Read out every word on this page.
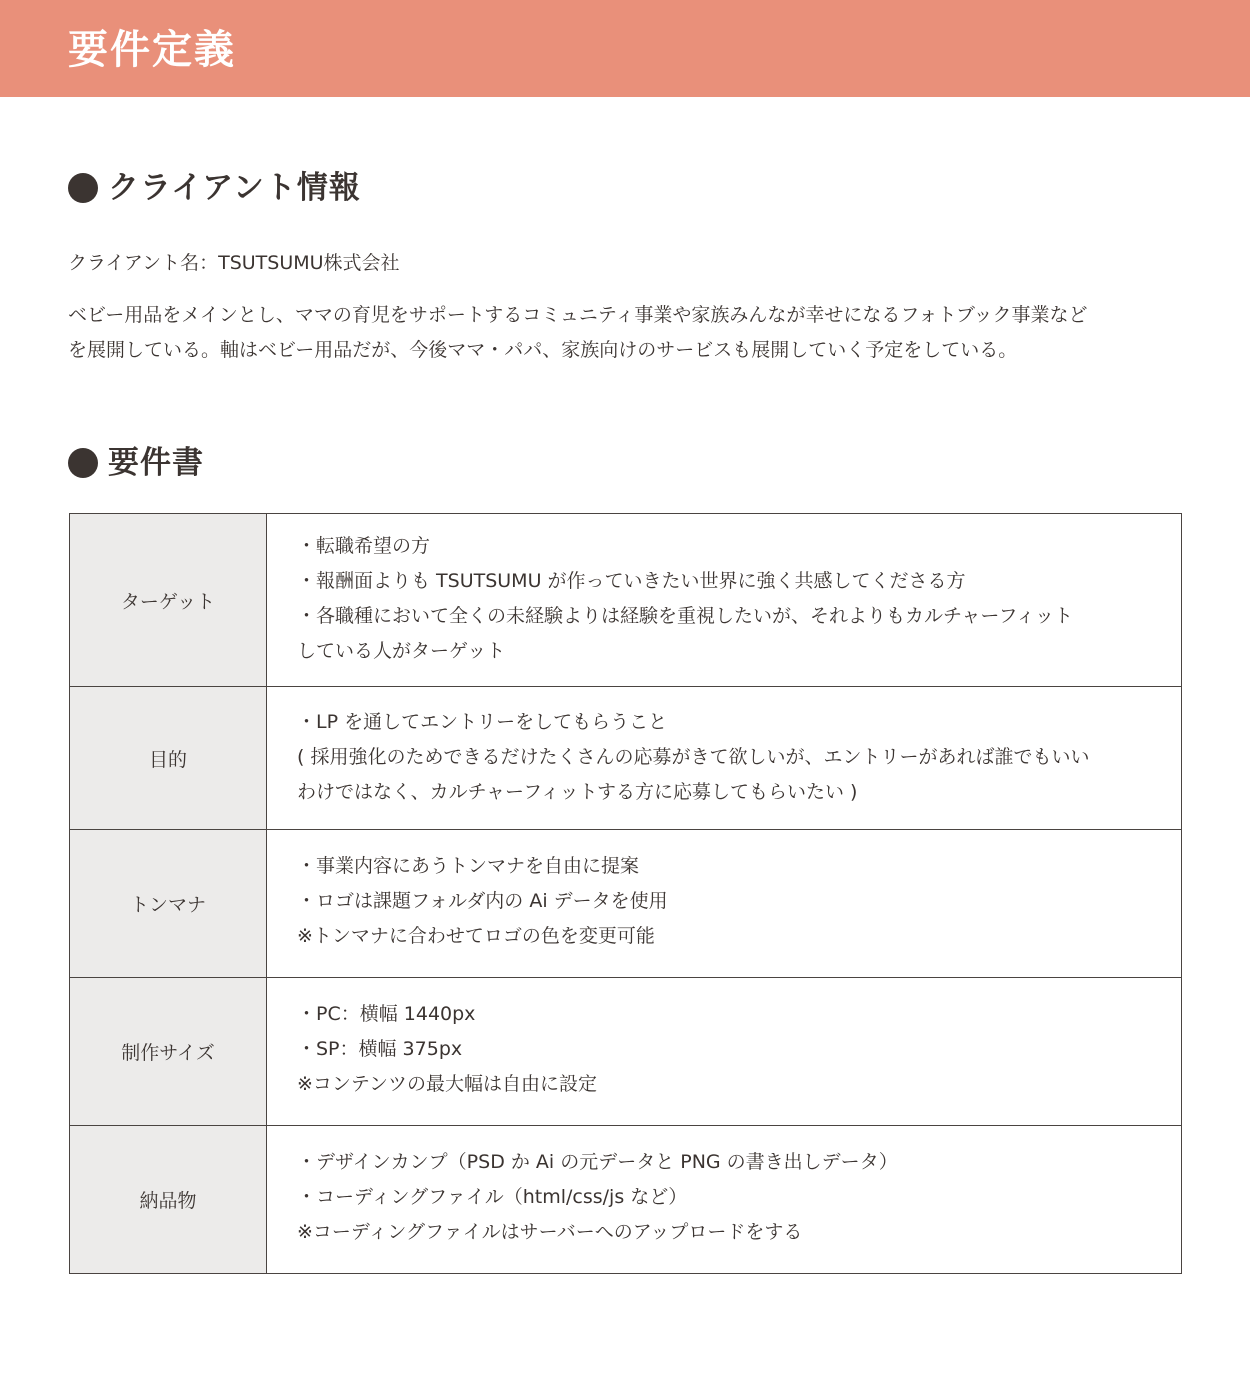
要件定義
クライアント情報
クライアント名：TSUTSUMU株式会社
ベビー用品をメインとし、ママの育児をサポートするコミュニティ事業や家族みんなが幸せになるフォトブック事業など
を展開している。軸はベビー用品だが、今後ママ・パパ、家族向けのサービスも展開していく予定をしている。
要件書
ターゲット	・転職希望の方
・報酬面よりも TSUTSUMU が作っていきたい世界に強く共感してくださる方
・各職種において全くの未経験よりは経験を重視したいが、それよりもカルチャーフィット
している人がターゲット

目的	・LP を通してエントリーをしてもらうこと
( 採用強化のためできるだけたくさんの応募がきて欲しいが、エントリーがあれば誰でもいい
わけではなく、カルチャーフィットする方に応募してもらいたい )

トンマナ	・事業内容にあうトンマナを自由に提案
・ロゴは課題フォルダ内の Ai データを使用
※トンマナに合わせてロゴの色を変更可能

制作サイズ	・PC：横幅 1440px
・SP：横幅 375px
※コンテンツの最大幅は自由に設定

納品物	・デザインカンプ（PSD か Ai の元データと PNG の書き出しデータ）
・コーディングファイル（html/css/js など）
※コーディングファイルはサーバーへのアップロードをする
